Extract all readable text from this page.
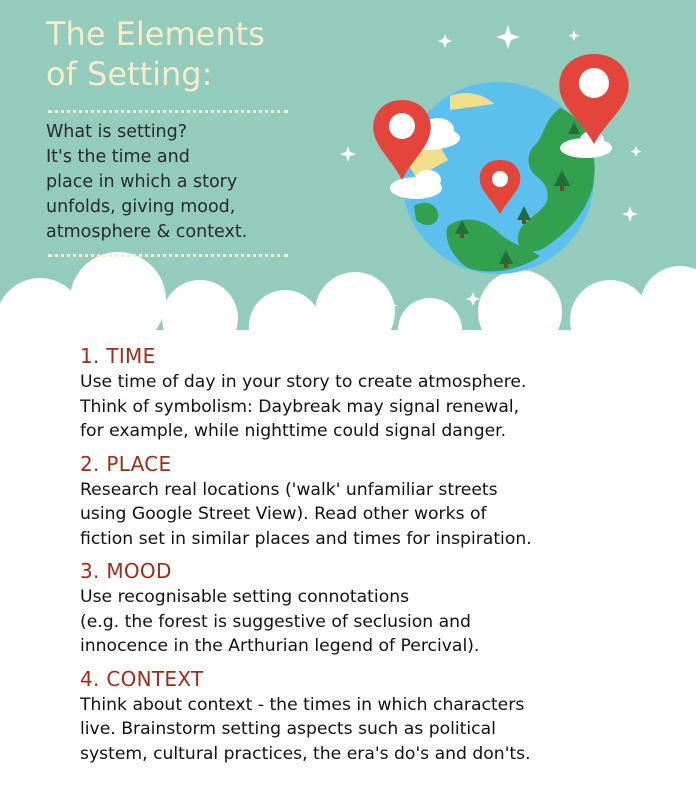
The Elements
of Setting:

What is setting?
It's the time and
place in which a story
unfolds, giving mood,
atmosphere & context.

1. TIME

Use time of day in your story to create atmosphere.
Think of symbolism: Daybreak may signal renewal,
for example, while nighttime could signal danger.

2. PLACE

Research real locations ('walk' unfamiliar streets
using Google Street View). Read other works of
fiction set in similar places and times for inspiration.

3. MOOD

Use recognisable setting connotations
(e.g. the forest is suggestive of seclusion and
innocence in the Arthurian legend of Percival).

4. CONTEXT

Think about context - the times in which characters
live. Brainstorm setting aspects such as political
system, cultural practices, the era's do's and don'ts.
